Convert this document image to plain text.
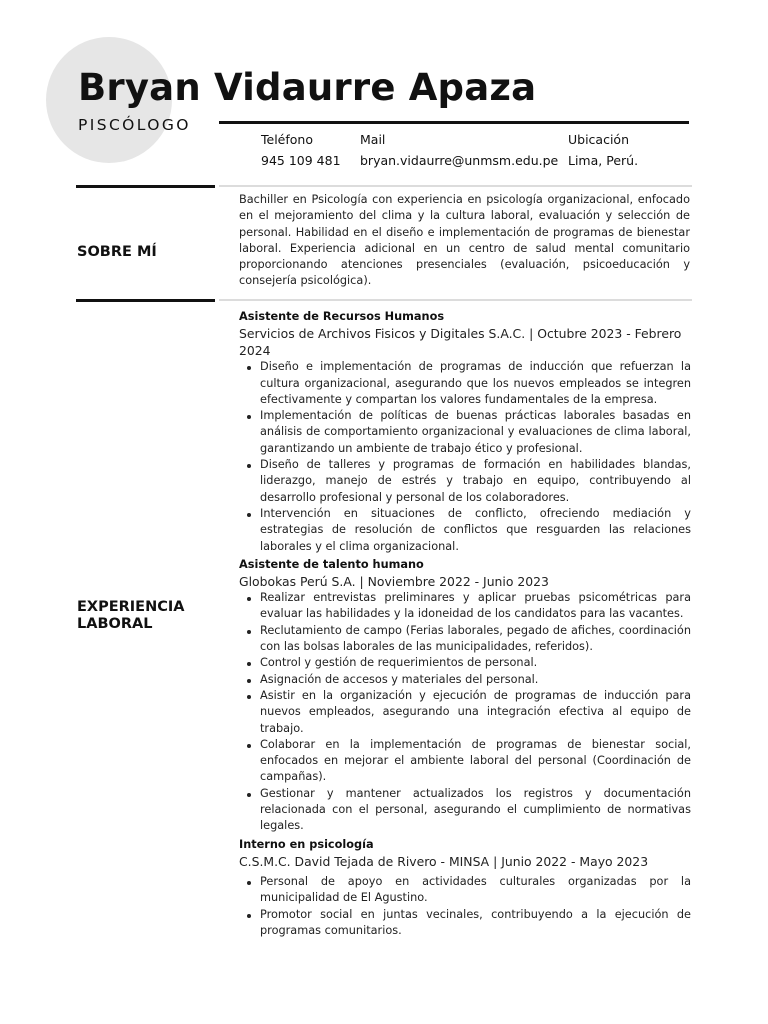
Bryan Vidaurre Apaza
PISCÓLOGO
Teléfono
945 109 481
Mail
bryan.vidaurre@unmsm.edu.pe
Ubicación
Lima, Perú.
SOBRE MÍ
Bachiller en Psicología con experiencia en psicología organizacional, enfocado en el mejoramiento del clima y la cultura laboral, evaluación y selección de personal. Habilidad en el diseño e implementación de programas de bienestar laboral. Experiencia adicional en un centro de salud mental comunitario proporcionando atenciones presenciales (evaluación, psicoeducación y consejería psicológica).
EXPERIENCIA
LABORAL
Asistente de Recursos Humanos
Servicios de Archivos Fisicos y Digitales S.A.C. | Octubre 2023 - Febrero 2024
Diseño e implementación de programas de inducción que refuerzan la cultura organizacional, asegurando que los nuevos empleados se integren efectivamente y compartan los valores fundamentales de la empresa.
Implementación de políticas de buenas prácticas laborales basadas en análisis de comportamiento organizacional y evaluaciones de clima laboral, garantizando un ambiente de trabajo ético y profesional.
Diseño de talleres y programas de formación en habilidades blandas, liderazgo, manejo de estrés y trabajo en equipo, contribuyendo al desarrollo profesional y personal de los colaboradores.
Intervención en situaciones de conflicto, ofreciendo mediación y estrategias de resolución de conflictos que resguarden las relaciones laborales y el clima organizacional.
Asistente de talento humano
Globokas Perú S.A. | Noviembre 2022 - Junio 2023
Realizar entrevistas preliminares y aplicar pruebas psicométricas para evaluar las habilidades y la idoneidad de los candidatos para las vacantes.
Reclutamiento de campo (Ferias laborales, pegado de afiches, coordinación con las bolsas laborales de las municipalidades, referidos).
Control y gestión de requerimientos de personal.
Asignación de accesos y materiales del personal.
Asistir en la organización y ejecución de programas de inducción para nuevos empleados, asegurando una integración efectiva al equipo de trabajo.
Colaborar en la implementación de programas de bienestar social, enfocados en mejorar el ambiente laboral del personal (Coordinación de campañas).
Gestionar y mantener actualizados los registros y documentación relacionada con el personal, asegurando el cumplimiento de normativas legales.
Interno en psicología
C.S.M.C. David Tejada de Rivero - MINSA | Junio 2022 - Mayo 2023
Personal de apoyo en actividades culturales organizadas por la municipalidad de El Agustino.
Promotor social en juntas vecinales, contribuyendo a la ejecución de programas comunitarios.
